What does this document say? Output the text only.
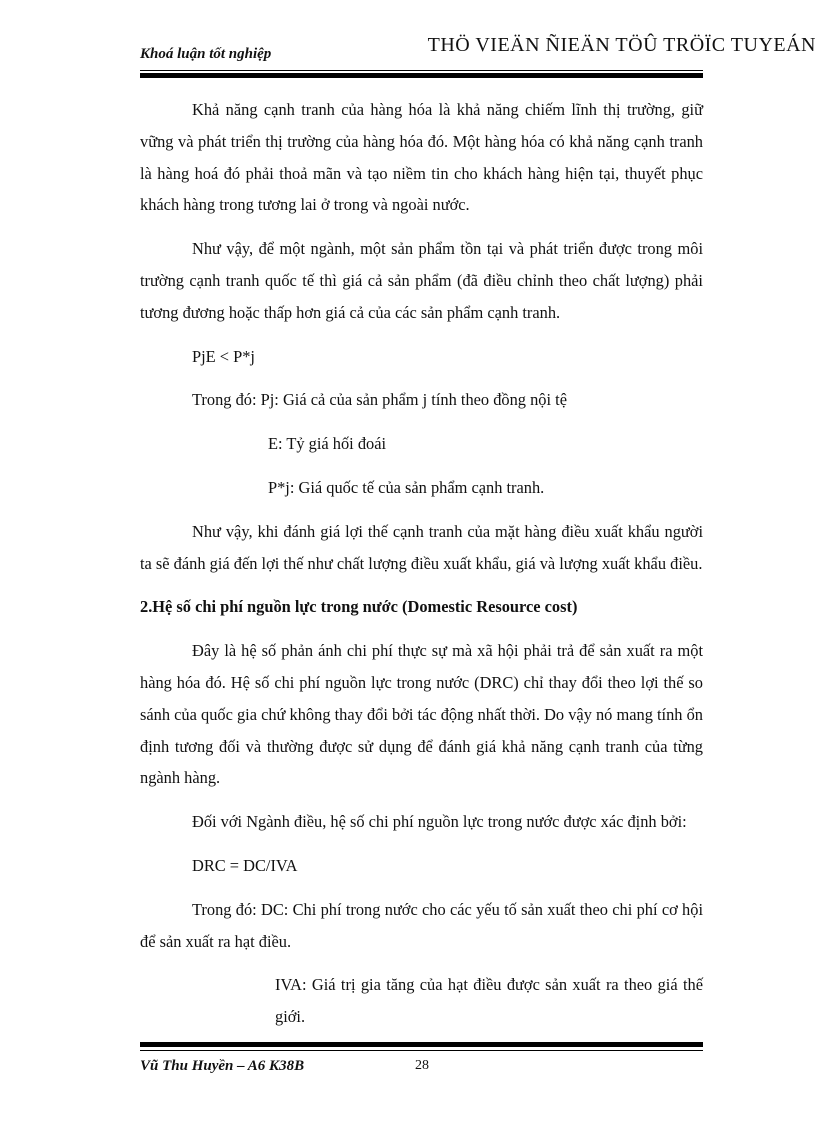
Khoá luận tốt nghiệp	THÖ VIEÄN ÑIEÄN TÖÛ TRÖÏC TUYEÁN

Khả năng cạnh tranh của hàng hóa là khả năng chiếm lĩnh thị trường, giữ vững và phát triển thị trường của hàng hóa đó. Một hàng hóa có khả năng cạnh tranh là hàng hoá đó phải thoả mãn và tạo niềm tin cho khách hàng hiện tại, thuyết phục khách hàng trong tương lai ở trong và ngoài nước.

Như vậy, để một ngành, một sản phẩm tồn tại và phát triển được trong môi trường cạnh tranh quốc tế thì giá cả sản phẩm (đã điều chỉnh theo chất lượng) phải tương đương hoặc thấp hơn giá cả của các sản phẩm cạnh tranh.

PjE < P*j

Trong đó: Pj: Giá cả của sản phẩm j tính theo đồng nội tệ

E: Tỷ giá hối đoái

P*j: Giá quốc tế của sản phẩm cạnh tranh.

Như vậy, khi đánh giá lợi thế cạnh tranh của mặt hàng điều xuất khẩu người ta sẽ đánh giá đến lợi thế như chất lượng điều xuất khẩu, giá và lượng xuất khẩu điều.

2.Hệ số chi phí nguồn lực trong nước (Domestic Resource cost)

Đây là hệ số phản ánh chi phí thực sự mà xã hội phải trả để sản xuất ra một hàng hóa đó. Hệ số chi phí nguồn lực trong nước (DRC) chỉ thay đổi theo lợi thế so sánh của quốc gia chứ không thay đổi bởi tác động nhất thời. Do vậy nó mang tính ổn định tương đối và thường được sử dụng để đánh giá khả năng cạnh tranh của từng ngành hàng.

Đối với Ngành điều, hệ số chi phí nguồn lực trong nước được xác định bởi:

DRC = DC/IVA

Trong đó: DC: Chi phí trong nước cho các yếu tố sản xuất theo chi phí cơ hội để sản xuất ra hạt điều.

IVA: Giá trị gia tăng của hạt điều được sản xuất ra theo giá thế giới.

Vũ Thu Huyền – A6 K38B	28
